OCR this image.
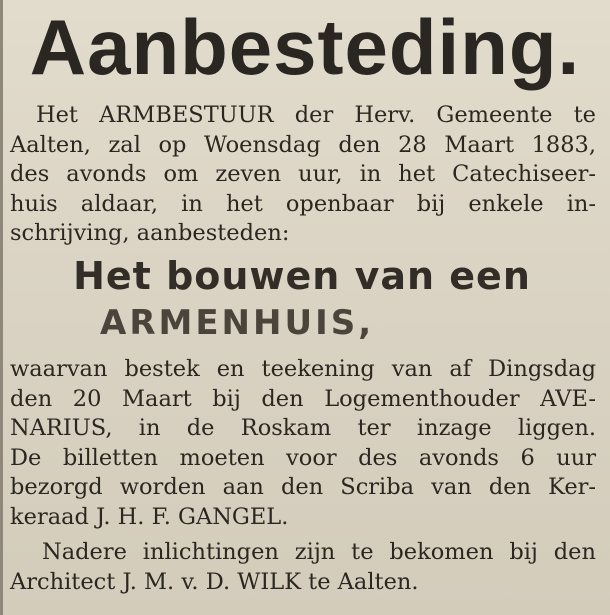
Aanbesteding.
Het ARMBESTUUR der Herv. Gemeente te
Aalten, zal op Woensdag den 28 Maart 1883,
des avonds om zeven uur, in het Catechiseer-
huis aldaar, in het openbaar bij enkele in-
schrijving, aanbesteden:
Het bouwen van een
ARMENHUIS,
waarvan bestek en teekening van af Dingsdag
den 20 Maart bij den Logementhouder AVE-
NARIUS, in de Roskam ter inzage liggen.
De billetten moeten voor des avonds 6 uur
bezorgd worden aan den Scriba van den Ker-
keraad J. H. F. GANGEL.
Nadere inlichtingen zijn te bekomen bij den
Architect J. M. v. D. WILK te Aalten.
